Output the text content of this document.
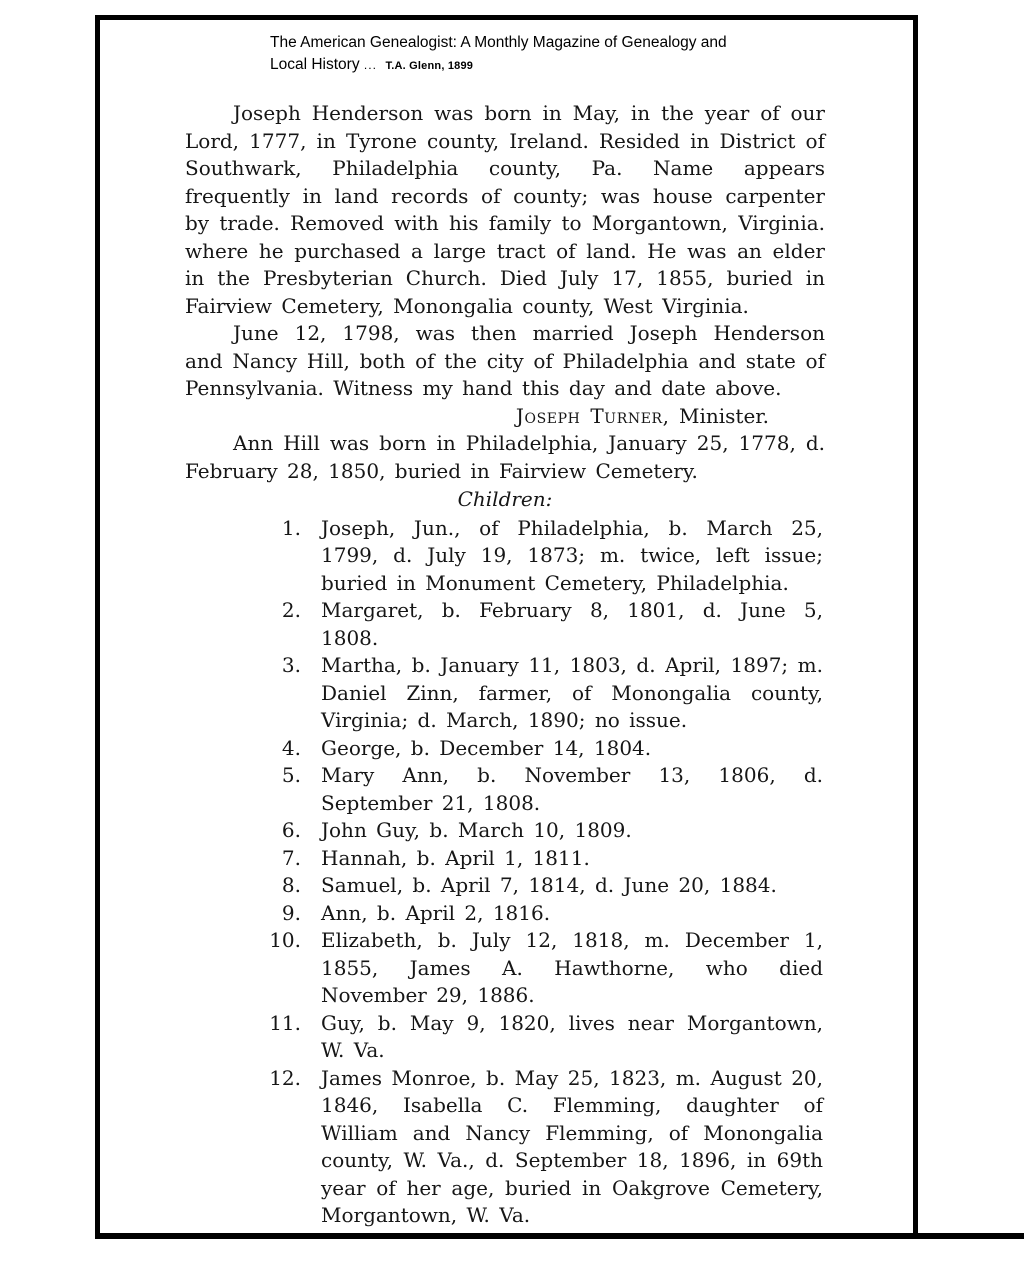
The American Genealogist: A Monthly Magazine of Genealogy and
Local History ... T.A. Glenn, 1899

Joseph Henderson was born in May, in the year of our Lord, 1777, in Tyrone county, Ireland. Resided in District of Southwark, Philadelphia county, Pa. Name appears frequently in land records of county; was house carpenter by trade. Removed with his family to Morgantown, Virginia. where he purchased a large tract of land. He was an elder in the Presbyterian Church. Died July 17, 1855, buried in Fairview Cemetery, Monongalia county, West Virginia.

June 12, 1798, was then married Joseph Henderson and Nancy Hill, both of the city of Philadelphia and state of Pennsylvania. Witness my hand this day and date above.

Joseph Turner, Minister.

Ann Hill was born in Philadelphia, January 25, 1778, d. February 28, 1850, buried in Fairview Cemetery.

Children:

1.	Joseph, Jun., of Philadelphia, b. March 25, 1799, d. July 19, 1873; m. twice, left issue; buried in Monument Cemetery, Philadelphia.
2.	Margaret, b. February 8, 1801, d. June 5, 1808.
3.	Martha, b. January 11, 1803, d. April, 1897; m. Daniel Zinn, farmer, of Monongalia county, Virginia; d. March, 1890; no issue.
4.	George, b. December 14, 1804.
5.	Mary Ann, b. November 13, 1806, d. September 21, 1808.
6.	John Guy, b. March 10, 1809.
7.	Hannah, b. April 1, 1811.
8.	Samuel, b. April 7, 1814, d. June 20, 1884.
9.	Ann, b. April 2, 1816.
10.	Elizabeth, b. July 12, 1818, m. December 1, 1855, James A. Hawthorne, who died November 29, 1886.
11.	Guy, b. May 9, 1820, lives near Morgantown, W. Va.
12.	James Monroe, b. May 25, 1823, m. August 20, 1846, Isabella C. Flemming, daughter of William and Nancy Flemming, of Monongalia county, W. Va., d. September 18, 1896, in 69th year of her age, buried in Oakgrove Cemetery, Morgantown, W. Va.
